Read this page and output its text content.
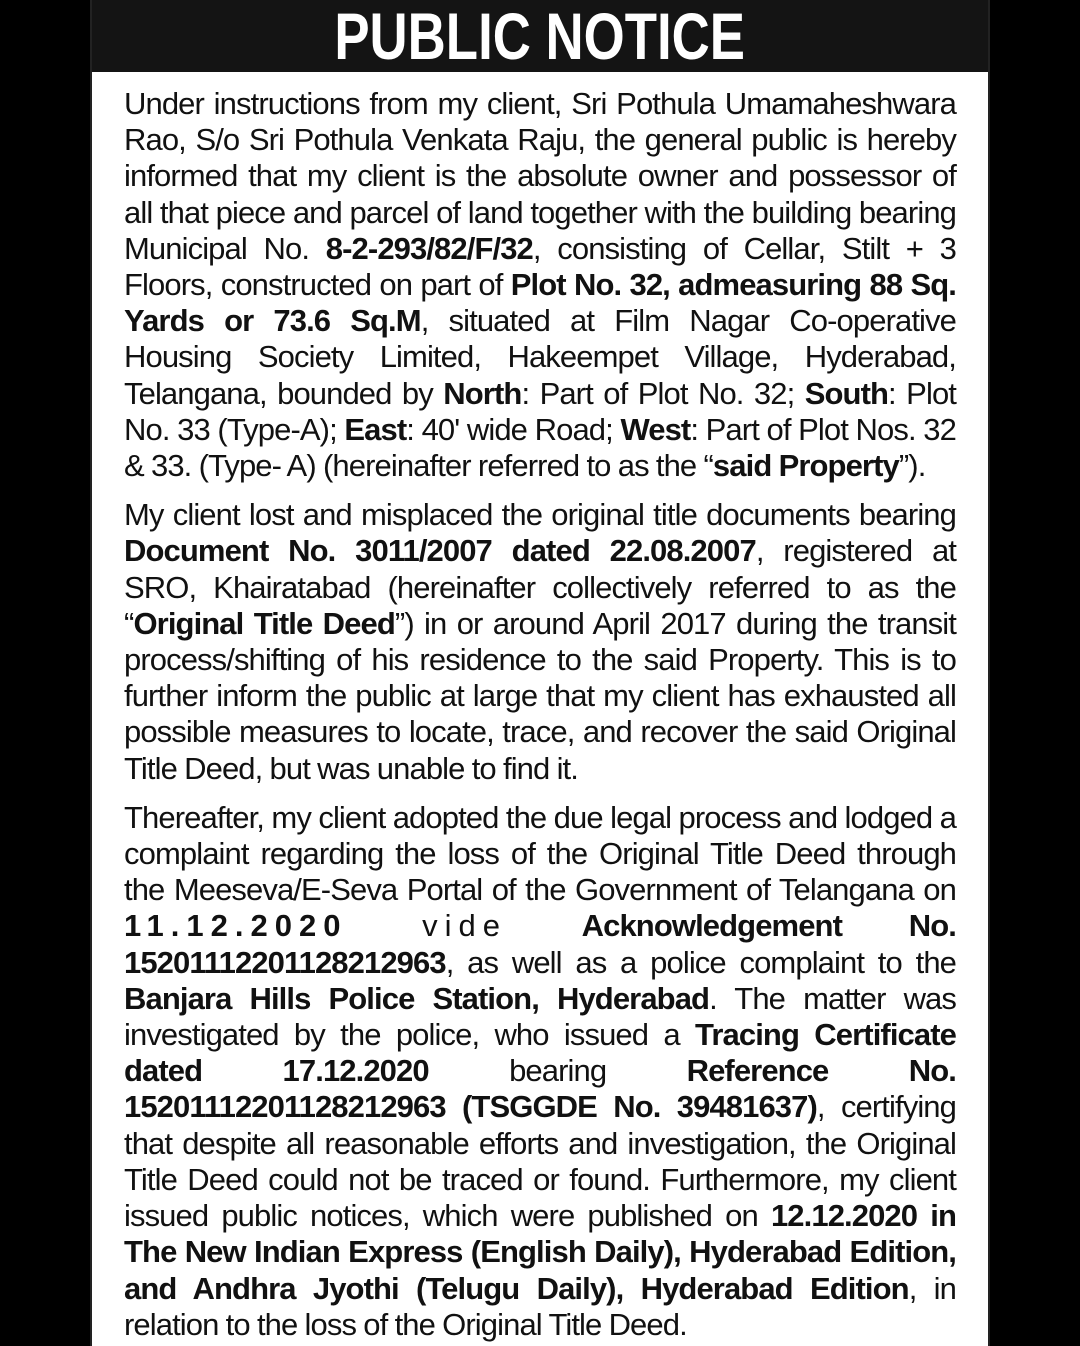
PUBLIC NOTICE

Under instructions from my client, Sri Pothula Umamaheshwara Rao, S/o Sri Pothula Venkata Raju, the general public is hereby informed that my client is the absolute owner and possessor of all that piece and parcel of land together with the building bearing Municipal No. 8-2-293/82/F/32, consisting of Cellar, Stilt + 3 Floors, constructed on part of Plot No. 32, admeasuring 88 Sq. Yards or 73.6 Sq.M, situated at Film Nagar Co-operative Housing Society Limited, Hakeempet Village, Hyderabad, Telangana, bounded by North: Part of Plot No. 32; South: Plot No. 33 (Type-A); East: 40' wide Road; West: Part of Plot Nos. 32 & 33. (Type- A) (hereinafter referred to as the “said Property”).

My client lost and misplaced the original title documents bearing Document No. 3011/2007 dated 22.08.2007, registered at SRO, Khairatabad (hereinafter collectively referred to as the “Original Title Deed”) in or around April 2017 during the transit process/shifting of his residence to the said Property. This is to further inform the public at large that my client has exhausted all possible measures to locate, trace, and recover the said Original Title Deed, but was unable to find it.

Thereafter, my client adopted the due legal process and lodged a complaint regarding the loss of the Original Title Deed through the Meeseva/E-Seva Portal of the Government of Telangana on 11.12.2020 vide Acknowledgement No. 15201112201128212963, as well as a police complaint to the Banjara Hills Police Station, Hyderabad. The matter was investigated by the police, who issued a Tracing Certificate dated 17.12.2020 bearing Reference No. 15201112201128212963 (TSGGDE No. 39481637), certifying that despite all reasonable efforts and investigation, the Original Title Deed could not be traced or found. Furthermore, my client issued public notices, which were published on 12.12.2020 in The New Indian Express (English Daily), Hyderabad Edition, and Andhra Jyothi (Telugu Daily), Hyderabad Edition, in relation to the loss of the Original Title Deed.
